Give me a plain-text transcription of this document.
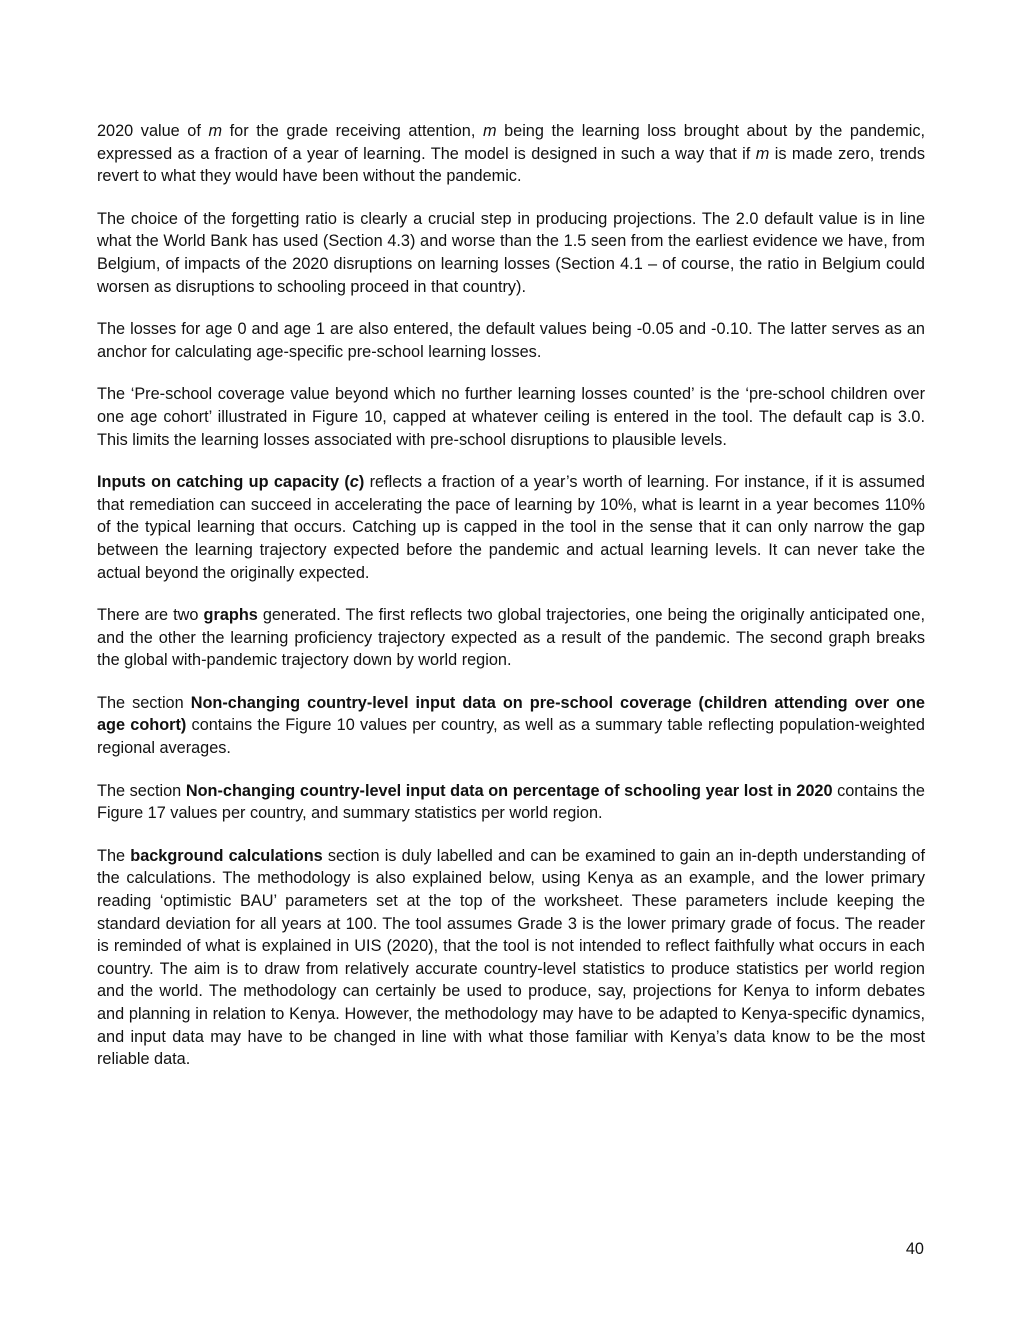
2020 value of m for the grade receiving attention, m being the learning loss brought about by the pandemic, expressed as a fraction of a year of learning. The model is designed in such a way that if m is made zero, trends revert to what they would have been without the pandemic.

The choice of the forgetting ratio is clearly a crucial step in producing projections. The 2.0 default value is in line what the World Bank has used (Section 4.3) and worse than the 1.5 seen from the earliest evidence we have, from Belgium, of impacts of the 2020 disruptions on learning losses (Section 4.1 – of course, the ratio in Belgium could worsen as disruptions to schooling proceed in that country).

The losses for age 0 and age 1 are also entered, the default values being -0.05 and -0.10. The latter serves as an anchor for calculating age-specific pre-school learning losses.

The ‘Pre-school coverage value beyond which no further learning losses counted’ is the ‘pre-school children over one age cohort’ illustrated in Figure 10, capped at whatever ceiling is entered in the tool. The default cap is 3.0. This limits the learning losses associated with pre-school disruptions to plausible levels.

Inputs on catching up capacity (c) reflects a fraction of a year’s worth of learning. For instance, if it is assumed that remediation can succeed in accelerating the pace of learning by 10%, what is learnt in a year becomes 110% of the typical learning that occurs. Catching up is capped in the tool in the sense that it can only narrow the gap between the learning trajectory expected before the pandemic and actual learning levels. It can never take the actual beyond the originally expected.

There are two graphs generated. The first reflects two global trajectories, one being the originally anticipated one, and the other the learning proficiency trajectory expected as a result of the pandemic. The second graph breaks the global with-pandemic trajectory down by world region.

The section Non-changing country-level input data on pre-school coverage (children attending over one age cohort) contains the Figure 10 values per country, as well as a summary table reflecting population-weighted regional averages.

The section Non-changing country-level input data on percentage of schooling year lost in 2020 contains the Figure 17 values per country, and summary statistics per world region.

The background calculations section is duly labelled and can be examined to gain an in-depth understanding of the calculations. The methodology is also explained below, using Kenya as an example, and the lower primary reading ‘optimistic BAU’ parameters set at the top of the worksheet. These parameters include keeping the standard deviation for all years at 100. The tool assumes Grade 3 is the lower primary grade of focus. The reader is reminded of what is explained in UIS (2020), that the tool is not intended to reflect faithfully what occurs in each country. The aim is to draw from relatively accurate country-level statistics to produce statistics per world region and the world. The methodology can certainly be used to produce, say, projections for Kenya to inform debates and planning in relation to Kenya. However, the methodology may have to be adapted to Kenya-specific dynamics, and input data may have to be changed in line with what those familiar with Kenya’s data know to be the most reliable data.

40
